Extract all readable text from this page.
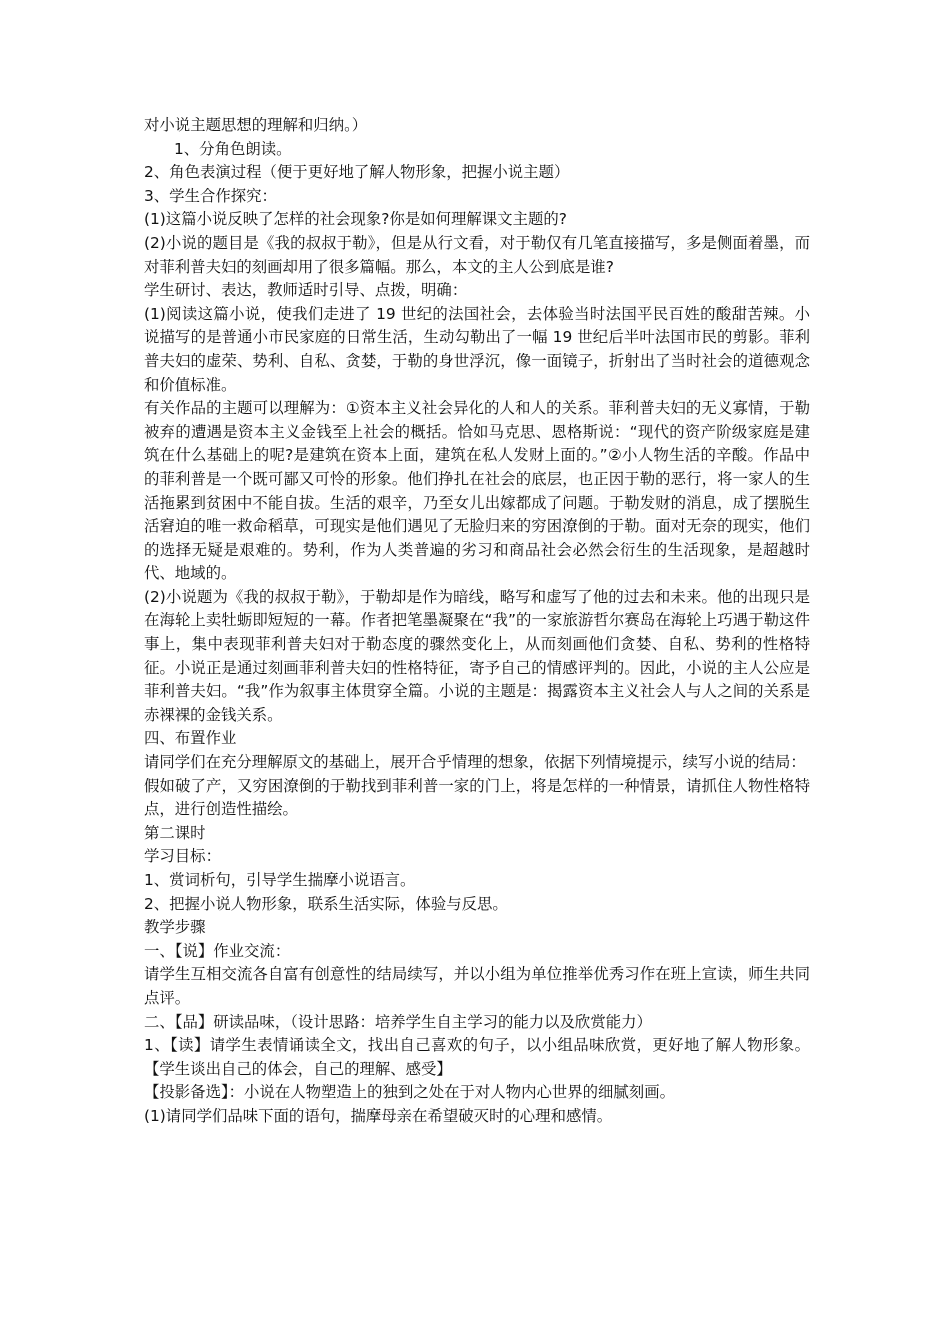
对小说主题思想的理解和归纳。）

1、分角色朗读。

2、角色表演过程（便于更好地了解人物形象，把握小说主题）

3、学生合作探究：

(1)这篇小说反映了怎样的社会现象?你是如何理解课文主题的?

(2)小说的题目是《我的叔叔于勒》，但是从行文看，对于勒仅有几笔直接描写，多是侧面着墨，而对菲利普夫妇的刻画却用了很多篇幅。那么，本文的主人公到底是谁?

学生研讨、表达，教师适时引导、点拨，明确：

(1)阅读这篇小说，使我们走进了 19 世纪的法国社会，去体验当时法国平民百姓的酸甜苦辣。小说描写的是普通小市民家庭的日常生活，生动勾勒出了一幅 19 世纪后半叶法国市民的剪影。菲利普夫妇的虚荣、势利、自私、贪婪，于勒的身世浮沉，像一面镜子，折射出了当时社会的道德观念和价值标准。

有关作品的主题可以理解为：①资本主义社会异化的人和人的关系。菲利普夫妇的无义寡情，于勒被弃的遭遇是资本主义金钱至上社会的概括。恰如马克思、恩格斯说：“现代的资产阶级家庭是建筑在什么基础上的呢?是建筑在资本上面，建筑在私人发财上面的。”②小人物生活的辛酸。作品中的菲利普是一个既可鄙又可怜的形象。他们挣扎在社会的底层，也正因于勒的恶行，将一家人的生活拖累到贫困中不能自拔。生活的艰辛，乃至女儿出嫁都成了问题。于勒发财的消息，成了摆脱生活窘迫的唯一救命稻草，可现实是他们遇见了无脸归来的穷困潦倒的于勒。面对无奈的现实，他们的选择无疑是艰难的。势利，作为人类普遍的劣习和商品社会必然会衍生的生活现象，是超越时代、地域的。

(2)小说题为《我的叔叔于勒》，于勒却是作为暗线，略写和虚写了他的过去和未来。他的出现只是在海轮上卖牡蛎即短短的一幕。作者把笔墨凝聚在“我”的一家旅游哲尔赛岛在海轮上巧遇于勒这件事上，集中表现菲利普夫妇对于勒态度的骤然变化上，从而刻画他们贪婪、自私、势利的性格特征。小说正是通过刻画菲利普夫妇的性格特征，寄予自己的情感评判的。因此，小说的主人公应是菲利普夫妇。“我”作为叙事主体贯穿全篇。小说的主题是：揭露资本主义社会人与人之间的关系是赤裸裸的金钱关系。

四、布置作业

请同学们在充分理解原文的基础上，展开合乎情理的想象，依据下列情境提示，续写小说的结局：

假如破了产，又穷困潦倒的于勒找到菲利普一家的门上，将是怎样的一种情景，请抓住人物性格特点，进行创造性描绘。

第二课时

学习目标：

1、赏词析句，引导学生揣摩小说语言。

2、把握小说人物形象，联系生活实际，体验与反思。

教学步骤

一、【说】作业交流：

请学生互相交流各自富有创意性的结局续写，并以小组为单位推举优秀习作在班上宣读，师生共同点评。

二、【品】研读品味，（设计思路：培养学生自主学习的能力以及欣赏能力）

1、【读】请学生表情诵读全文，找出自己喜欢的句子，以小组品味欣赏，更好地了解人物形象。【学生谈出自己的体会，自己的理解、感受】

【投影备选】：小说在人物塑造上的独到之处在于对人物内心世界的细腻刻画。

(1)请同学们品味下面的语句，揣摩母亲在希望破灭时的心理和感情。
